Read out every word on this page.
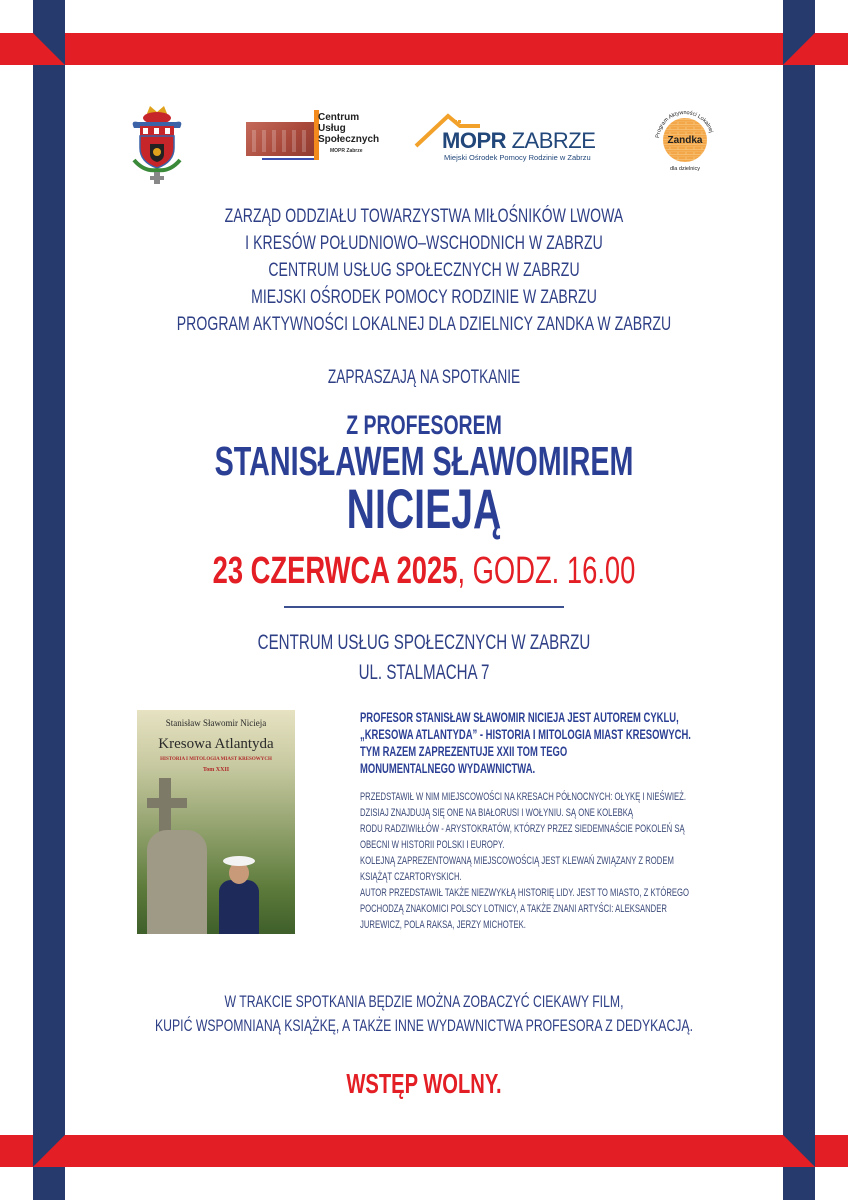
Centrum
Usług
Społecznych
MOPR Zabrze	MOPR ZABRZE
Miejski Ośrodek Pomocy Rodzinie w Zabrzu
Program Aktywności Lokalnej
Zandka
dla dzielnicy
ZARZĄD ODDZIAŁU TOWARZYSTWA MIŁOŚNIKÓW LWOWA
I KRESÓW POŁUDNIOWO–WSCHODNICH W ZABRZU
CENTRUM USŁUG SPOŁECZNYCH W ZABRZU
MIEJSKI OŚRODEK POMOCY RODZINIE W ZABRZU
PROGRAM AKTYWNOŚCI LOKALNEJ DLA DZIELNICY ZANDKA W ZABRZU
ZAPRASZAJĄ NA SPOTKANIE
Z PROFESOREM
STANISŁAWEM SŁAWOMIREM
NICIEJĄ
23 CZERWCA 2025, GODZ. 16.00
CENTRUM USŁUG SPOŁECZNYCH W ZABRZU
UL. STALMACHA 7
Stanisław Sławomir Nicieja
Kresowa Atlantyda
HISTORIA I MITOLOGIA MIAST KRESOWYCH
Tom XXII
PROFESOR STANISŁAW SŁAWOMIR NICIEJA JEST AUTOREM CYKLU,
„KRESOWA ATLANTYDA” - HISTORIA I MITOLOGIA MIAST KRESOWYCH.
TYM RAZEM ZAPREZENTUJE XXII TOM TEGO
MONUMENTALNEGO WYDAWNICTWA.
PRZEDSTAWIŁ W NIM MIEJSCOWOŚCI NA KRESACH PÓŁNOCNYCH: OŁYKĘ I NIEŚWIEŻ.
DZISIAJ ZNAJDUJĄ SIĘ ONE NA BIAŁORUSI I WOŁYNIU. SĄ ONE KOLEBKĄ
RODU RADZIWIŁŁÓW - ARYSTOKRATÓW, KTÓRZY PRZEZ SIEDEMNAŚCIE POKOLEŃ SĄ
OBECNI W HISTORII POLSKI I EUROPY.
KOLEJNĄ ZAPREZENTOWANĄ MIEJSCOWOŚCIĄ JEST KLEWAŃ ZWIĄZANY Z RODEM
KSIĄŻĄT CZARTORYSKICH.
AUTOR PRZEDSTAWIŁ TAKŻE NIEZWYKŁĄ HISTORIĘ LIDY. JEST TO MIASTO, Z KTÓREGO
POCHODZĄ ZNAKOMICI POLSCY LOTNICY, A TAKŻE ZNANI ARTYŚCI: ALEKSANDER
JUREWICZ, POLA RAKSA, JERZY MICHOTEK.
W TRAKCIE SPOTKANIA BĘDZIE MOŻNA ZOBACZYĆ CIEKAWY FILM,
KUPIĆ WSPOMNIANĄ KSIĄŻKĘ, A TAKŻE INNE WYDAWNICTWA PROFESORA Z DEDYKACJĄ.
WSTĘP WOLNY.
